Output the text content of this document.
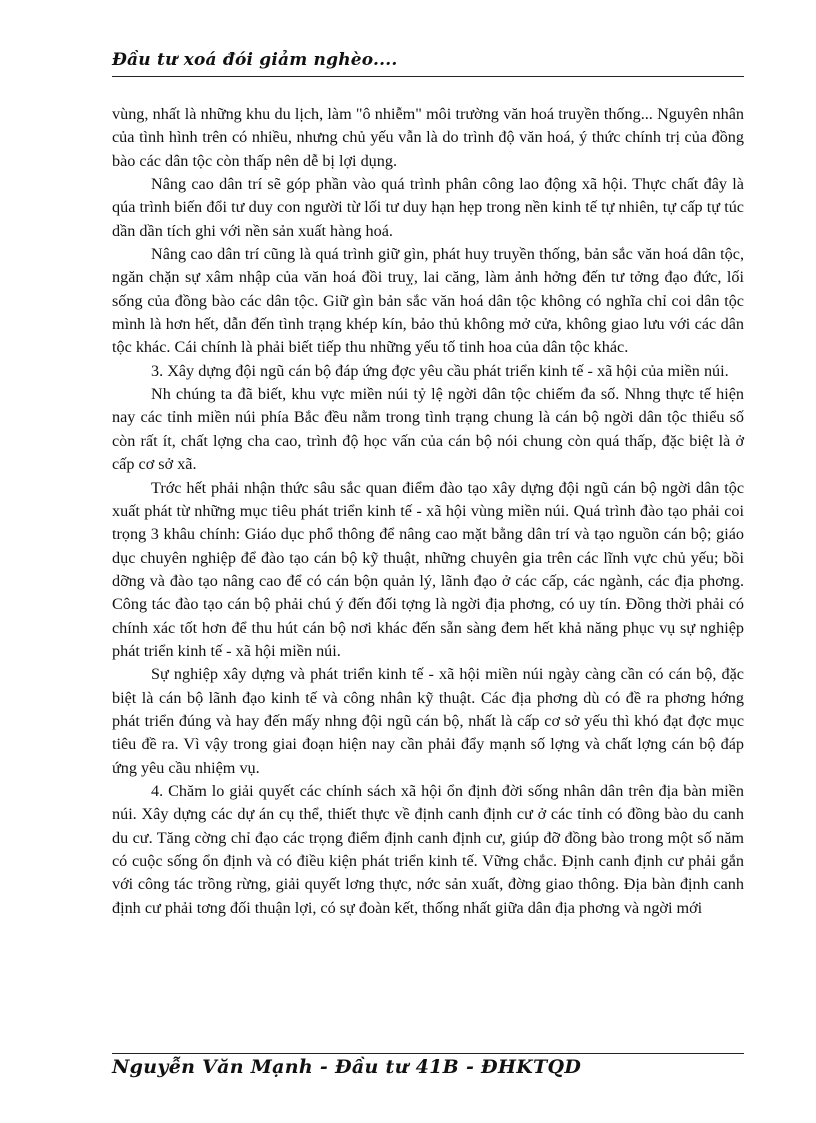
Đầu tư xoá đói giảm nghèo....

vùng, nhất là những khu du lịch, làm "ô nhiễm" môi trường văn hoá truyền thống... Nguyên nhân của tình hình trên có nhiều, nhưng chủ yếu vẫn là do trình độ văn hoá, ý thức chính trị của đồng bào các dân tộc còn thấp nên dễ bị lợi dụng.

Nâng cao dân trí sẽ góp phần vào quá trình phân công lao động xã hội. Thực chất đây là qúa trình biến đổi tư duy con người từ lối tư duy hạn hẹp trong nền kinh tế tự nhiên, tự cấp tự túc dần dần tích ghi với nền sản xuất hàng hoá.

Nâng cao dân trí cũng là quá trình giữ gìn, phát huy truyền thống, bản sắc văn hoá dân tộc, ngăn chặn sự xâm nhập của văn hoá đồi truỵ, lai căng, làm ảnh hởng đến tư tởng đạo đức, lối sống của đồng bào các dân tộc. Giữ gìn bản sắc văn hoá dân tộc không có nghĩa chỉ coi dân tộc mình là hơn hết, dẫn đến tình trạng khép kín, bảo thủ không mở cửa, không giao lưu với các dân tộc khác. Cái chính là phải biết tiếp thu những yếu tố tinh hoa của dân tộc khác.

3. Xây dựng đội ngũ cán bộ đáp ứng đợc yêu cầu phát triển kinh tế - xã hội của miền núi.

Nh chúng ta đã biết, khu vực miền núi tỷ lệ ngời dân tộc chiếm đa số. Nhng thực tế hiện nay các tỉnh miền núi phía Bắc đều nằm trong tình trạng chung là cán bộ ngời dân tộc thiểu số còn rất ít, chất lợng cha cao, trình độ học vấn của cán bộ nói chung còn quá thấp, đặc biệt là ở cấp cơ sở xã.

Trớc hết phải nhận thức sâu sắc quan điểm đào tạo xây dựng đội ngũ cán bộ ngời dân tộc xuất phát từ những mục tiêu phát triển kinh tế - xã hội vùng miền núi. Quá trình đào tạo phải coi trọng 3 khâu chính: Giáo dục phổ thông để nâng cao mặt bằng dân trí và tạo nguồn cán bộ; giáo dục chuyên nghiệp để đào tạo cán bộ kỹ thuật, những chuyên gia trên các lĩnh vực chủ yếu; bồi dỡng và đào tạo nâng cao để có cán bộn quản lý, lãnh đạo ở các cấp, các ngành, các địa phơng. Công tác đào tạo cán bộ phải chú ý đến đối tợng là ngời địa phơng, có uy tín. Đồng thời phải có chính xác tốt hơn để thu hút cán bộ nơi khác đến sẵn sàng đem hết khả năng phục vụ sự nghiệp phát triển kinh tế - xã hội miền núi.

Sự nghiệp xây dựng và phát triển kinh tế - xã hội miền núi ngày càng cần có cán bộ, đặc biệt là cán bộ lãnh đạo kinh tế và công nhân kỹ thuật. Các địa phơng dù có đề ra phơng hớng phát triển đúng và hay đến mấy nhng đội ngũ cán bộ, nhất là cấp cơ sở yếu thì khó đạt đợc mục tiêu đề ra. Vì vậy trong giai đoạn hiện nay cần phải đẩy mạnh số lợng và chất lợng cán bộ đáp ứng yêu cầu nhiệm vụ.

4. Chăm lo giải quyết các chính sách xã hội ổn định đời sống nhân dân trên địa bàn miền núi. Xây dựng các dự án cụ thể, thiết thực về định canh định cư ở các tỉnh có đồng bào du canh du cư. Tăng cờng chỉ đạo các trọng điểm định canh định cư, giúp đỡ đồng bào trong một số năm có cuộc sống ổn định và có điều kiện phát triển kinh tế. Vững chắc. Định canh định cư phải gắn với công tác trồng rừng, giải quyết lơng thực, nớc sản xuất, đờng giao thông. Địa bàn định canh định cư phải tơng đối thuận lợi, có sự đoàn kết, thống nhất giữa dân địa phơng và ngời mới

Nguyễn Văn Mạnh - Đầu tư 41B - ĐHKTQD
